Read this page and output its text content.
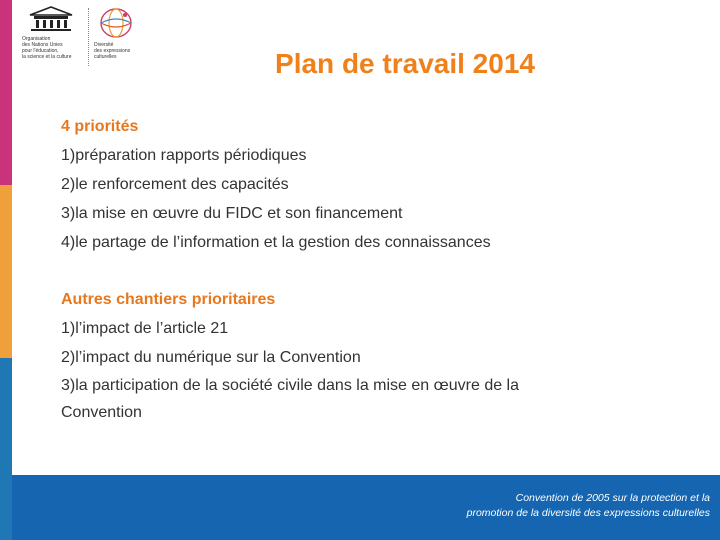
Organisation
des Nations Unies
pour l'éducation,
la science et la culture
Diversité
des expressions
culturelles	Plan de travail 2014
4 priorités
1)préparation rapports périodiques
2)le renforcement des capacités
3)la mise en œuvre du FIDC et son financement
4)le partage de l’information et la gestion des connaissances
Autres chantiers prioritaires
1)l’impact de l’article 21
2)l’impact du numérique sur la Convention
3)la participation de la société civile dans la mise en œuvre de la Convention
Convention de 2005 sur la protection et la
promotion de la diversité des expressions culturelles
